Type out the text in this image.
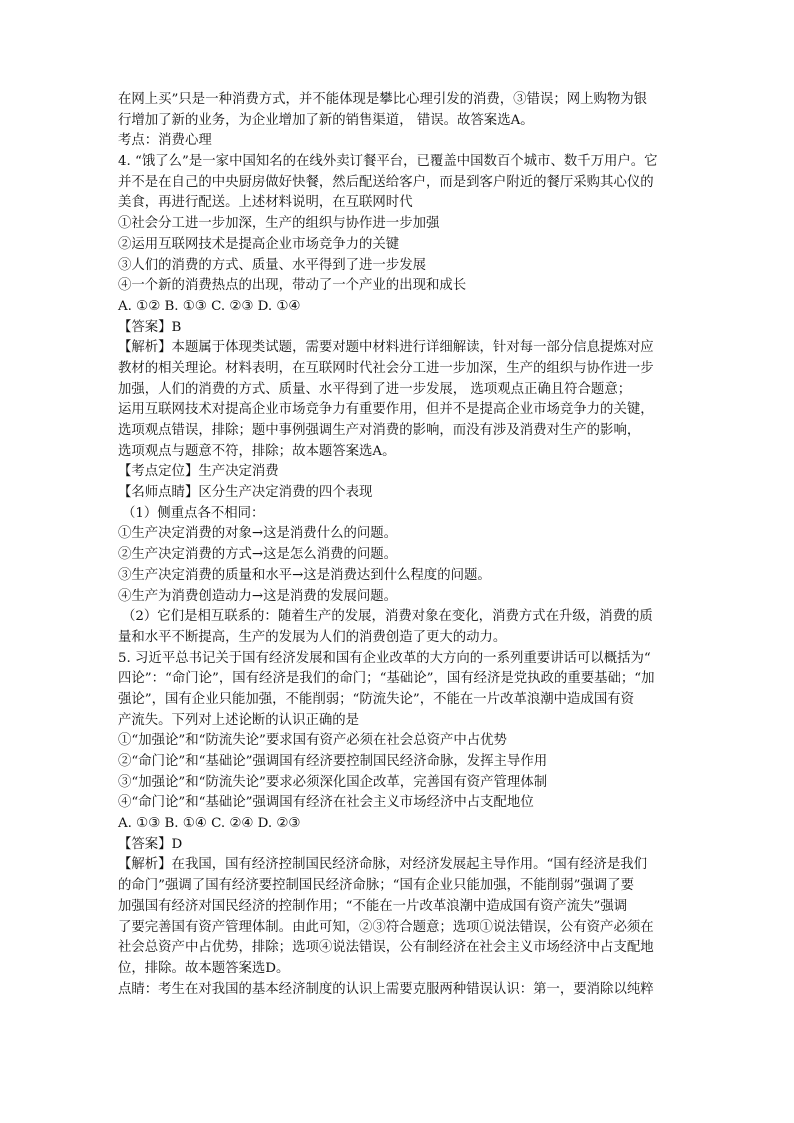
在网上买”只是一种消费方式，并不能体现是攀比心理引发的消费，③错误；网上购物为银

行增加了新的业务，为企业增加了新的销售渠道， 错误。故答案选A。

考点：消费心理

4. “饿了么”是一家中国知名的在线外卖订餐平台，已覆盖中国数百个城市、数千万用户。它

并不是在自己的中央厨房做好快餐，然后配送给客户，而是到客户附近的餐厅采购其心仪的

美食，再进行配送。上述材料说明，在互联网时代

①社会分工进一步加深，生产的组织与协作进一步加强

②运用互联网技术是提高企业市场竞争力的关键

③人们的消费的方式、质量、水平得到了进一步发展

④一个新的消费热点的出现，带动了一个产业的出现和成长

A. ①② B. ①③ C. ②③ D. ①④

【答案】B

【解析】本题属于体现类试题，需要对题中材料进行详细解读，针对每一部分信息提炼对应

教材的相关理论。材料表明，在互联网时代社会分工进一步加深，生产的组织与协作进一步

加强，人们的消费的方式、质量、水平得到了进一步发展， 选项观点正确且符合题意；

运用互联网技术对提高企业市场竞争力有重要作用，但并不是提高企业市场竞争力的关键，

选项观点错误，排除；题中事例强调生产对消费的影响，而没有涉及消费对生产的影响，

选项观点与题意不符，排除；故本题答案选A。

【考点定位】生产决定消费

【名师点睛】区分生产决定消费的四个表现

（1）侧重点各不相同：

①生产决定消费的对象→这是消费什么的问题。

②生产决定消费的方式→这是怎么消费的问题。

③生产决定消费的质量和水平→这是消费达到什么程度的问题。

④生产为消费创造动力→这是消费的发展问题。

（2）它们是相互联系的：随着生产的发展，消费对象在变化，消费方式在升级，消费的质

量和水平不断提高，生产的发展为人们的消费创造了更大的动力。

5. 习近平总书记关于国有经济发展和国有企业改革的大方向的一系列重要讲话可以概括为“

四论”：“命门论”，国有经济是我们的命门；“基础论”，国有经济是党执政的重要基础；“加

强论”，国有企业只能加强，不能削弱；“防流失论”，不能在一片改革浪潮中造成国有资

产流失。下列对上述论断的认识正确的是

①“加强论”和“防流失论”要求国有资产必须在社会总资产中占优势

②“命门论”和“基础论”强调国有经济要控制国民经济命脉，发挥主导作用

③“加强论”和“防流失论”要求必须深化国企改革，完善国有资产管理体制

④“命门论”和“基础论”强调国有经济在社会主义市场经济中占支配地位

A. ①③ B. ①④ C. ②④ D. ②③

【答案】D

【解析】在我国，国有经济控制国民经济命脉，对经济发展起主导作用。“国有经济是我们

的命门”强调了国有经济要控制国民经济命脉；“国有企业只能加强，不能削弱”强调了要

加强国有经济对国民经济的控制作用；“不能在一片改革浪潮中造成国有资产流失”强调

了要完善国有资产管理体制。由此可知，②③符合题意；选项①说法错误，公有资产必须在

社会总资产中占优势，排除；选项④说法错误，公有制经济在社会主义市场经济中占支配地

位，排除。故本题答案选D。

点睛：考生在对我国的基本经济制度的认识上需要克服两种错误认识：第一，要消除以纯粹
